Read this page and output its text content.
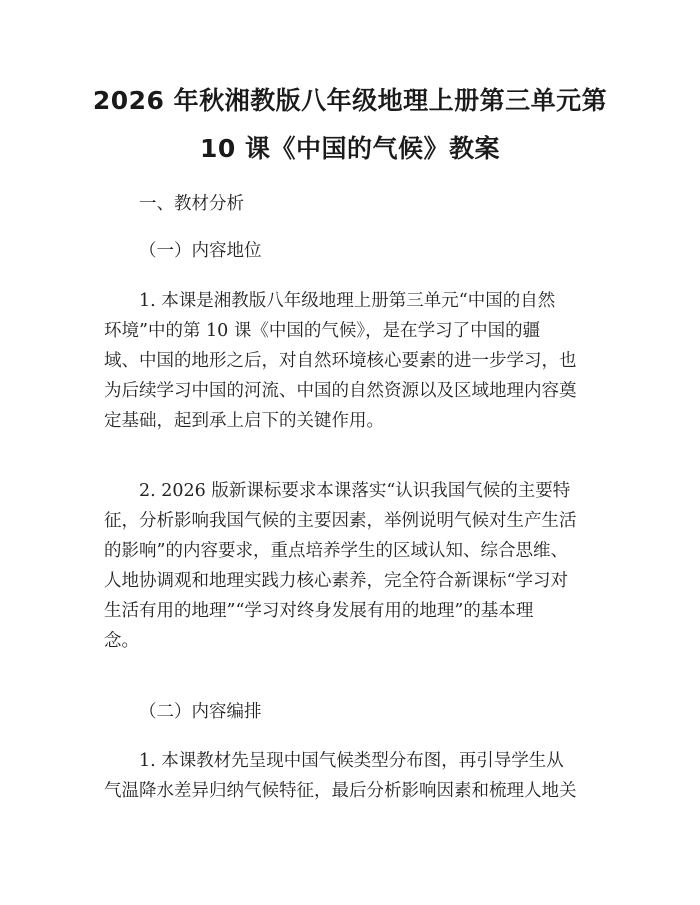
2026 年秋湘教版八年级地理上册第三单元第
10 课《中国的气候》教案
一、教材分析
（一）内容地位
1. 本课是湘教版八年级地理上册第三单元“中国的自然
环境”中的第 10 课《中国的气候》，是在学习了中国的疆
域、中国的地形之后，对自然环境核心要素的进一步学习，也
为后续学习中国的河流、中国的自然资源以及区域地理内容奠
定基础，起到承上启下的关键作用。
2. 2026 版新课标要求本课落实“认识我国气候的主要特
征，分析影响我国气候的主要因素，举例说明气候对生产生活
的影响”的内容要求，重点培养学生的区域认知、综合思维、
人地协调观和地理实践力核心素养，完全符合新课标“学习对
生活有用的地理”“学习对终身发展有用的地理”的基本理
念。
（二）内容编排
1. 本课教材先呈现中国气候类型分布图，再引导学生从
气温降水差异归纳气候特征，最后分析影响因素和梳理人地关
